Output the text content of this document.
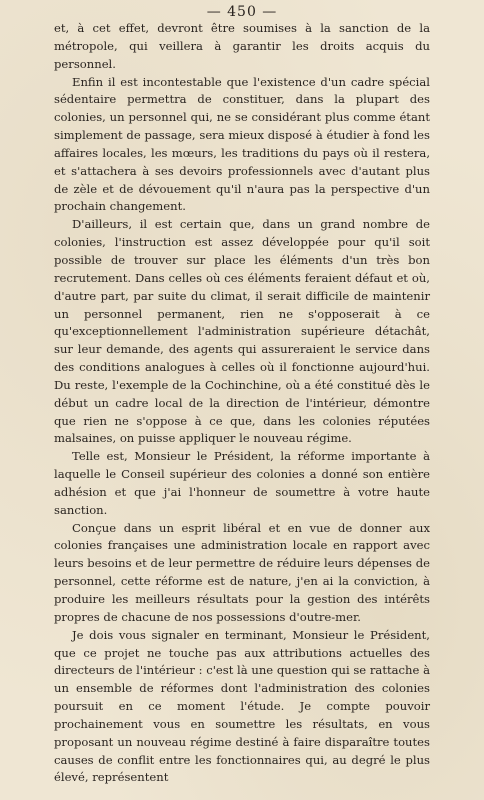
— 450 —

et, à cet effet, devront être soumises à la sanction de la métropole, qui veillera à garantir les droits acquis du personnel.

Enfin il est incontestable que l'existence d'un cadre spécial sédentaire permettra de constituer, dans la plupart des colonies, un personnel qui, ne se considérant plus comme étant simplement de passage, sera mieux disposé à étudier à fond les affaires locales, les mœurs, les traditions du pays où il restera, et s'attachera à ses devoirs professionnels avec d'autant plus de zèle et de dévouement qu'il n'aura pas la perspective d'un prochain changement.

D'ailleurs, il est certain que, dans un grand nombre de colonies, l'instruction est assez développée pour qu'il soit possible de trouver sur place les éléments d'un très bon recrutement. Dans celles où ces éléments feraient défaut et où, d'autre part, par suite du climat, il serait difficile de maintenir un personnel permanent, rien ne s'opposerait à ce qu'exceptionnellement l'administration supérieure détachât, sur leur demande, des agents qui assureraient le service dans des conditions analogues à celles où il fonctionne aujourd'hui. Du reste, l'exemple de la Cochinchine, où a été constitué dès le début un cadre local de la direction de l'intérieur, démontre que rien ne s'oppose à ce que, dans les colonies réputées malsaines, on puisse appliquer le nouveau régime.

Telle est, Monsieur le Président, la réforme importante à laquelle le Conseil supérieur des colonies a donné son entière adhésion et que j'ai l'honneur de soumettre à votre haute sanction.

Conçue dans un esprit libéral et en vue de donner aux colonies françaises une administration locale en rapport avec leurs besoins et de leur permettre de réduire leurs dépenses de personnel, cette réforme est de nature, j'en ai la conviction, à produire les meilleurs résultats pour la gestion des intérêts propres de chacune de nos possessions d'outre-mer.

Je dois vous signaler en terminant, Monsieur le Président, que ce projet ne touche pas aux attributions actuelles des directeurs de l'intérieur : c'est là une question qui se rattache à un ensemble de réformes dont l'administration des colonies poursuit en ce moment l'étude. Je compte pouvoir prochainement vous en soumettre les résultats, en vous proposant un nouveau régime destiné à faire disparaître toutes causes de conflit entre les fonctionnaires qui, au degré le plus élevé, représentent
